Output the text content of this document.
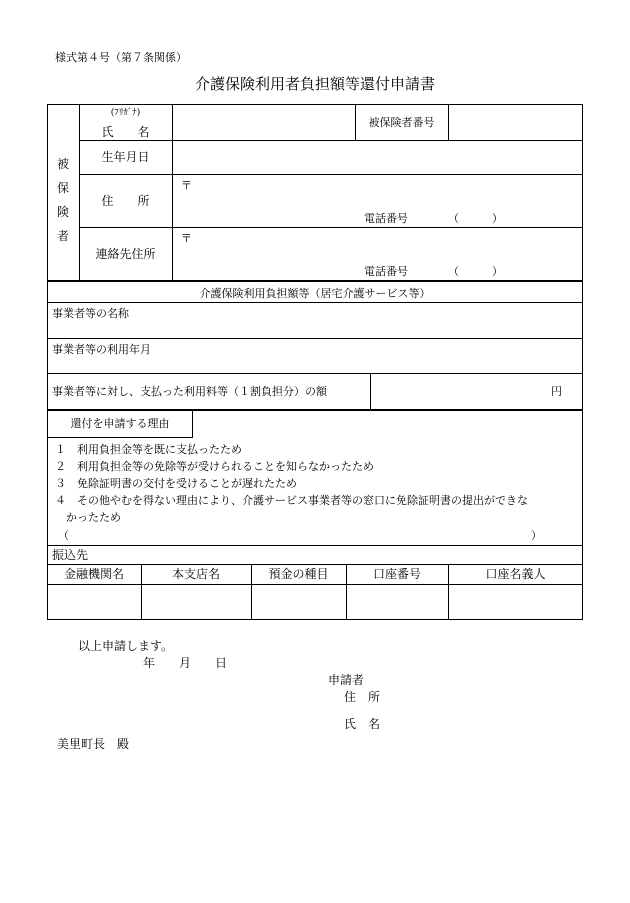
様式第４号（第７条関係）
介護保険利用者負担額等還付申請書
被
保
険
者
(ﾌﾘｶﾞﾅ)
氏　　名
被保険者番号
生年月日
住　　所
〒
電話番号	（　　　）
連絡先住所
〒
電話番号	（　　　）
介護保険利用負担額等（居宅介護サービス等）
事業者等の名称
事業者等の利用年月
事業者等に対し、支払った利用料等（１割負担分）の額	円
還付を申請する理由
１　利用負担金等を既に支払ったため
２　利用負担金等の免除等が受けられることを知らなかったため
３　免除証明書の交付を受けることが遅れたため
４　その他やむを得ない理由により、介護サービス事業者等の窓口に免除証明書の提出ができな
かったため
（	）
振込先
金融機関名	本支店名	預金の種目	口座番号	口座名義人
以上申請します。
年　　月　　日
申請者
住　所
氏　名
美里町長　殿
